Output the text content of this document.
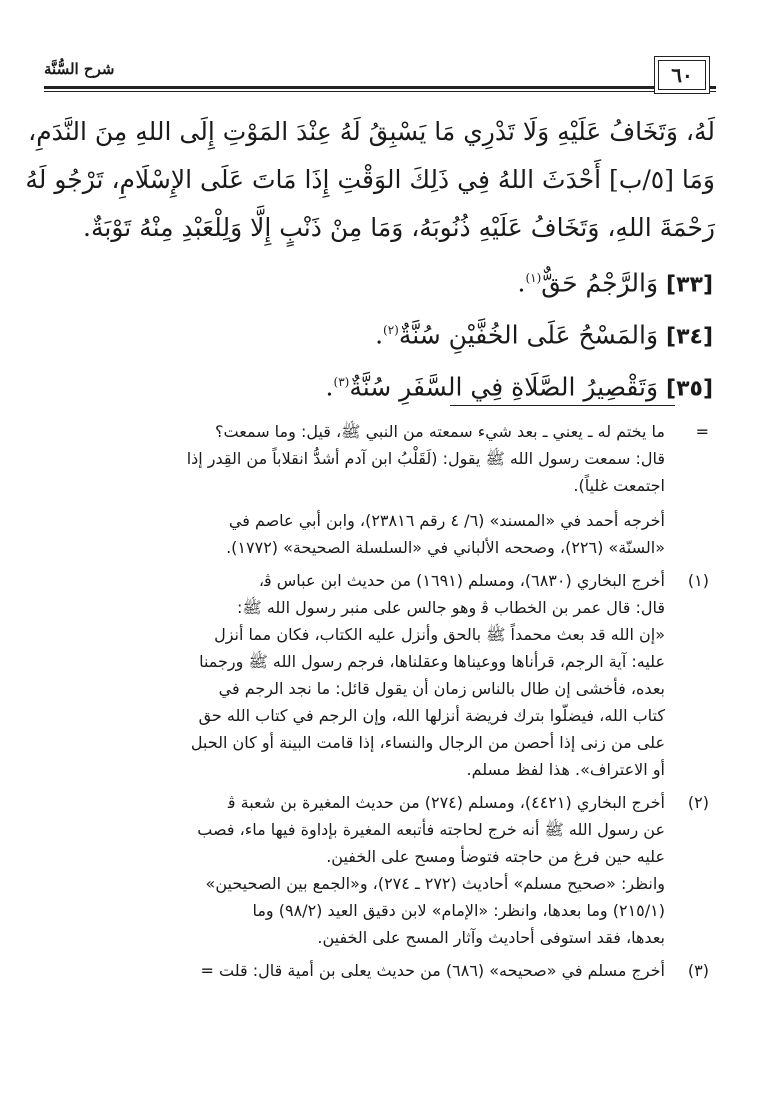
شرح السُّنَّة	٦٠
لَهُ، وَتَخَافُ عَلَيْهِ وَلَا تَدْرِي مَا يَسْبِقُ لَهُ عِنْدَ المَوْتِ إِلَى اللهِ مِنَ النَّدَمِ،
وَمَا [٥/ب] أَحْدَثَ اللهُ فِي ذَلِكَ الوَقْتِ إِذَا مَاتَ عَلَى الإِسْلَامِ، تَرْجُو لَهُ
رَحْمَةَ اللهِ، وَتَخَافُ عَلَيْهِ ذُنُوبَهُ، وَمَا مِنْ ذَنْبٍ إِلَّا وَلِلْعَبْدِ مِنْهُ تَوْبَةٌ.
[٣٣] وَالرَّجْمُ حَقٌّ$^{(١)}$.
[٣٤] وَالمَسْحُ عَلَى الخُفَّيْنِ سُنَّةٌ$^{(٢)}$.
[٣٥] وَتَقْصِيرُ الصَّلَاةِ فِي السَّفَرِ سُنَّةٌ$^{(٣)}$.
=
ما يختم له ـ يعني ـ بعد شيء سمعته من النبي ﷺ، قيل: وما سمعت؟
قال: سمعت رسول الله ﷺ يقول: (لَقَلْبُ ابن آدم أشدُّ انقلاباً من القِدر إذا
اجتمعت غلياً).
أخرجه أحمد في «المسند» (٦/ ٤ رقم ٢٣٨١٦)، وابن أبي عاصم في
«السنّة» (٢٢٦)، وصححه الألباني في «السلسلة الصحيحة» (١٧٧٢).
(١)
أخرج البخاري (٦٨٣٠)، ومسلم (١٦٩١) من حديث ابن عباس ﭬ،
قال: قال عمر بن الخطاب ﭬ وهو جالس على منبر رسول الله ﷺ:
«إن الله قد بعث محمداً ﷺ بالحق وأنزل عليه الكتاب، فكان مما أنزل
عليه: آية الرجم، قرأناها ووعيناها وعقلناها، فرجم رسول الله ﷺ ورجمنا
بعده، فأخشى إن طال بالناس زمان أن يقول قائل: ما نجد الرجم في
كتاب الله، فيضلّوا بترك فريضة أنزلها الله، وإن الرجم في كتاب الله حق
على من زنى إذا أحصن من الرجال والنساء، إذا قامت البينة أو كان الحبل
أو الاعتراف». هذا لفظ مسلم.
(٢)
أخرج البخاري (٤٤٢١)، ومسلم (٢٧٤) من حديث المغيرة بن شعبة ﭬ
عن رسول الله ﷺ أنه خرج لحاجته فأتبعه المغيرة بإداوة فيها ماء، فصب
عليه حين فرغ من حاجته فتوضأ ومسح على الخفين.
وانظر: «صحيح مسلم» أحاديث (٢٧٢ ـ ٢٧٤)، و«الجمع بين الصحيحين»
(٢١٥/١) وما بعدها، وانظر: «الإمام» لابن دقيق العيد (٩٨/٢) وما
بعدها، فقد استوفى أحاديث وآثار المسح على الخفين.
(٣)
أخرج مسلم في «صحيحه» (٦٨٦) من حديث يعلى بن أمية قال: قلت =
